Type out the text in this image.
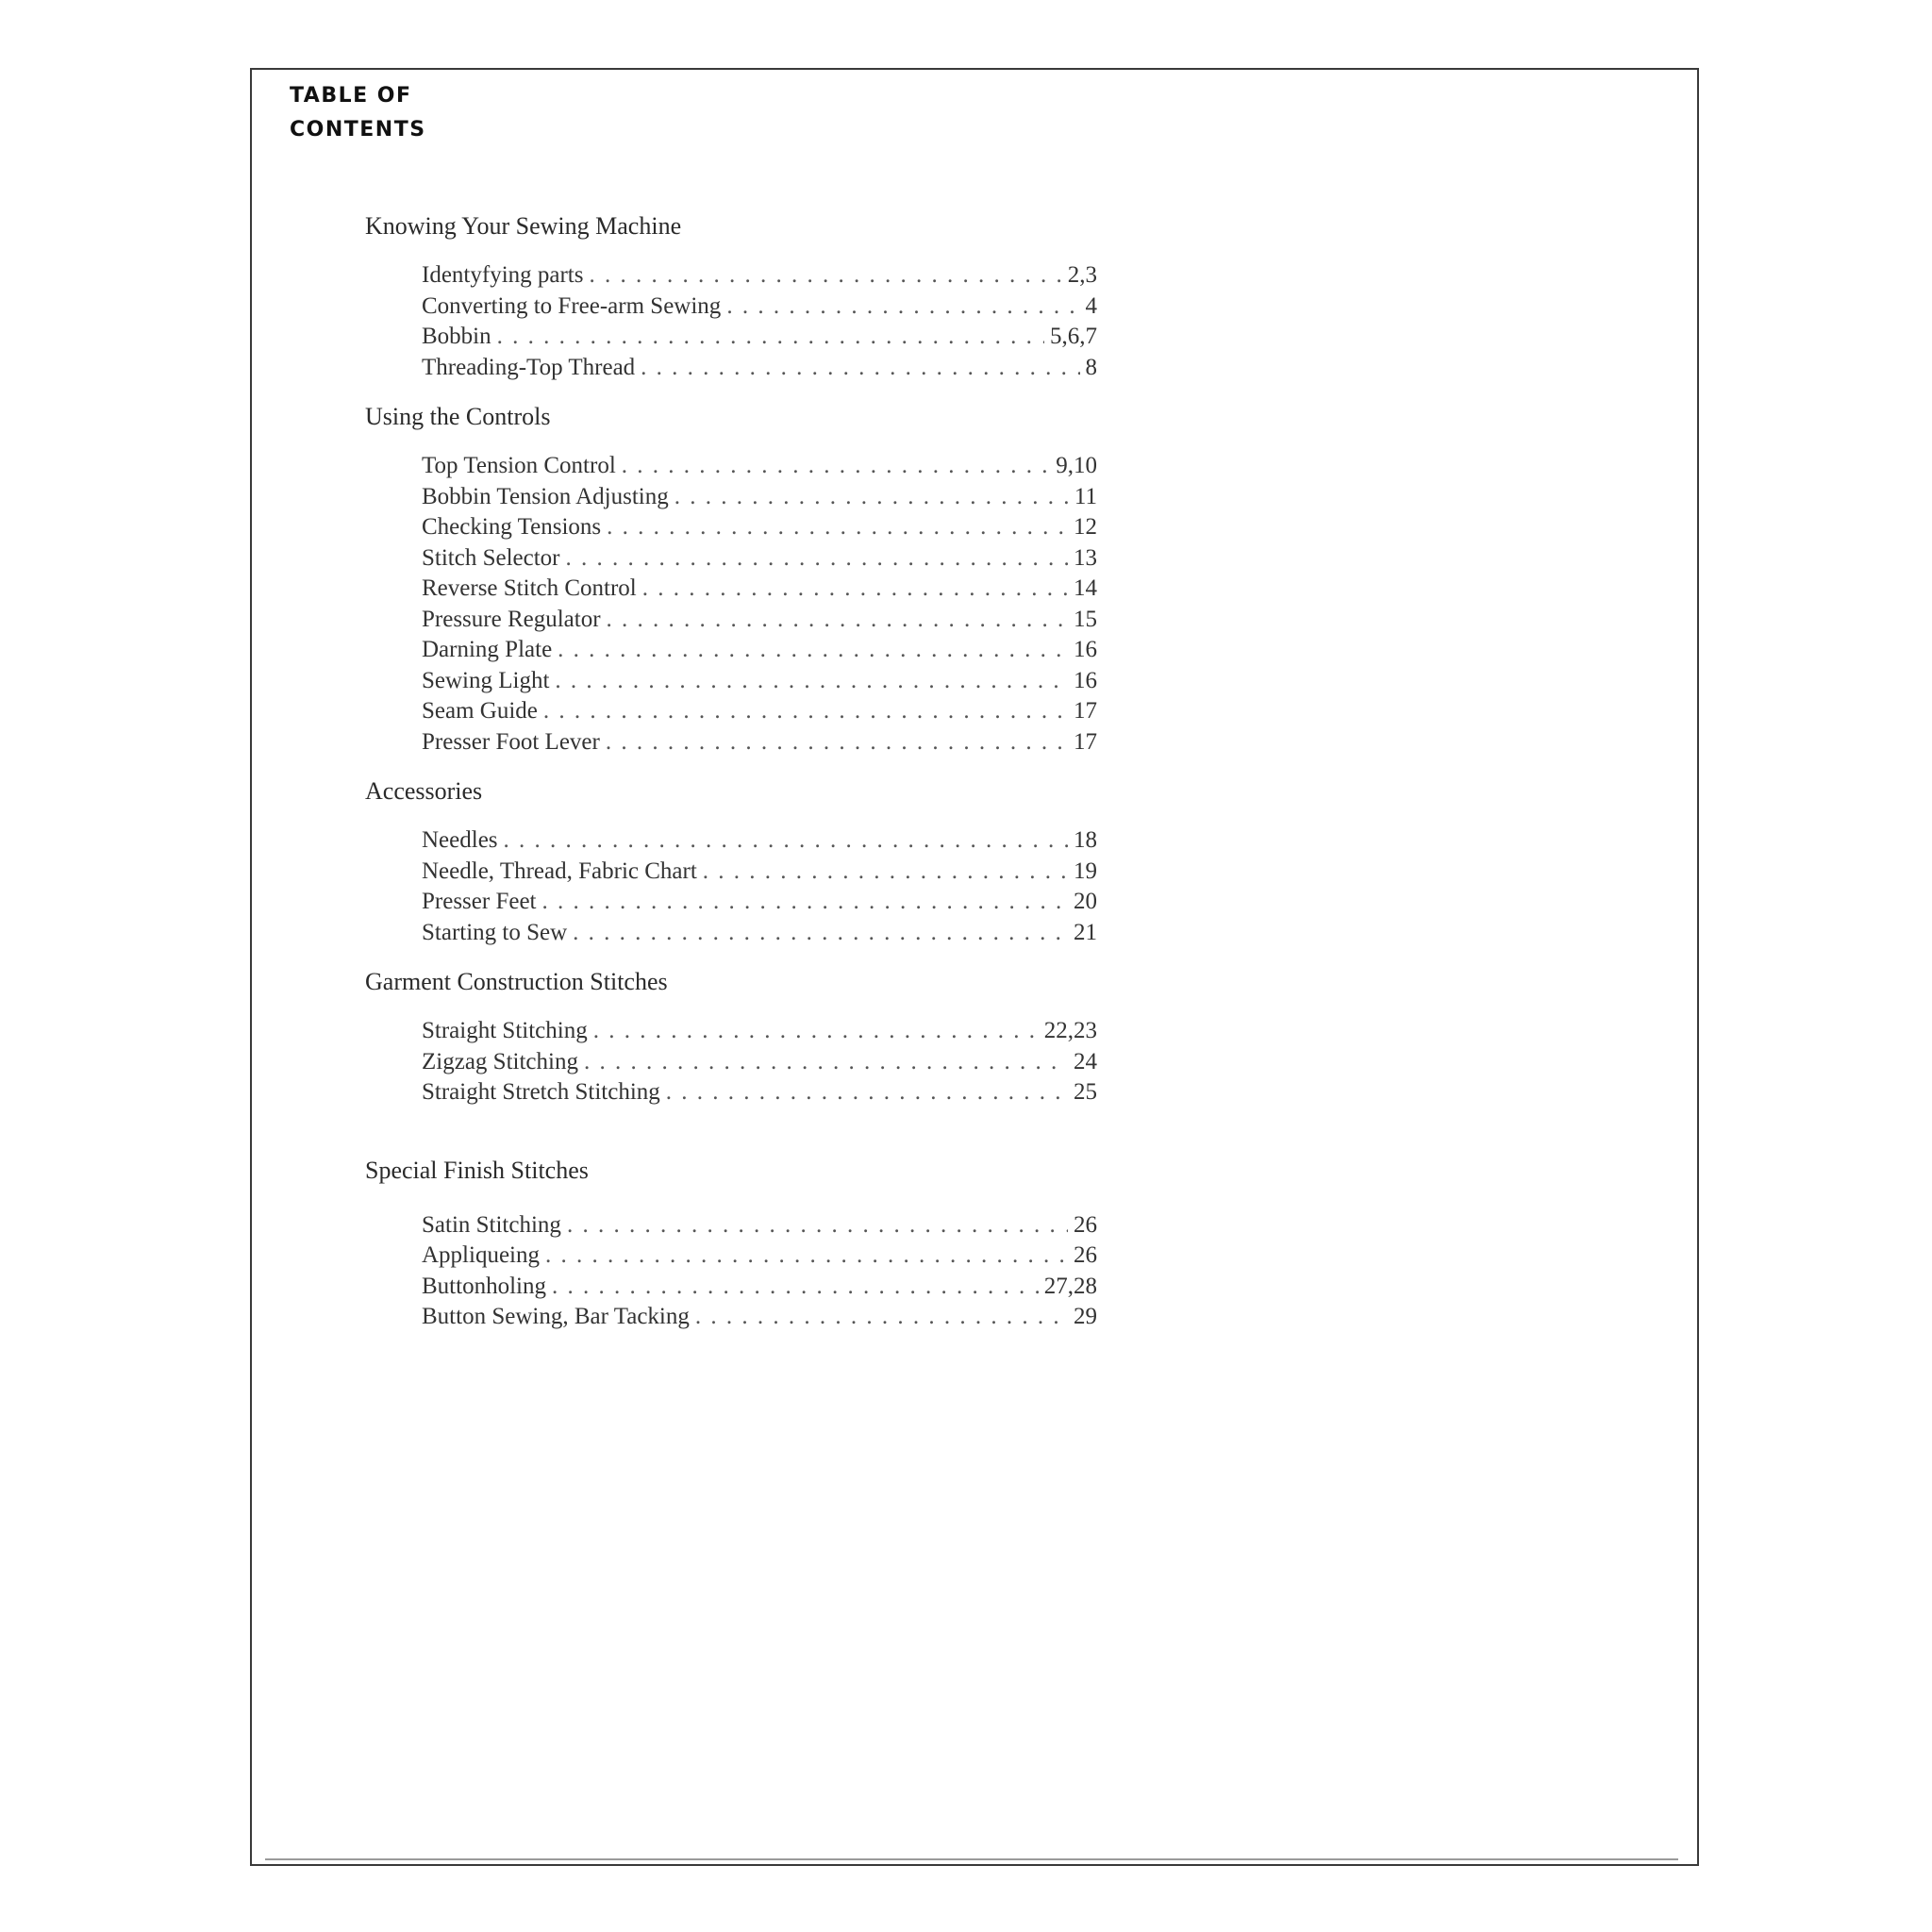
TABLE OF
CONTENTS
Knowing Your Sewing Machine
Identyfying parts . . .	2,3
Converting to Free-arm Sewing . . .	4
Bobbin . . .	5,6,7
Threading-Top Thread . . .	8
Using the Controls
Top Tension Control . . .	9,10
Bobbin Tension Adjusting . . .	11
Checking Tensions . . .	12
Stitch Selector . . .	13
Reverse Stitch Control . . .	14
Pressure Regulator . . .	15
Darning Plate . . .	16
Sewing Light . . .	16
Seam Guide . . .	17
Presser Foot Lever . . .	17
Accessories
Needles . . .	18
Needle, Thread, Fabric Chart . . .	19
Presser Feet . . .	20
Starting to Sew . . .	21
Garment Construction Stitches
Straight Stitching . . .	22,23
Zigzag Stitching . . .	24
Straight Stretch Stitching . . .	25
Special Finish Stitches
Satin Stitching . . .	26
Appliqueing . . .	26
Buttonholing . . .	27,28
Button Sewing, Bar Tacking . . .	29
